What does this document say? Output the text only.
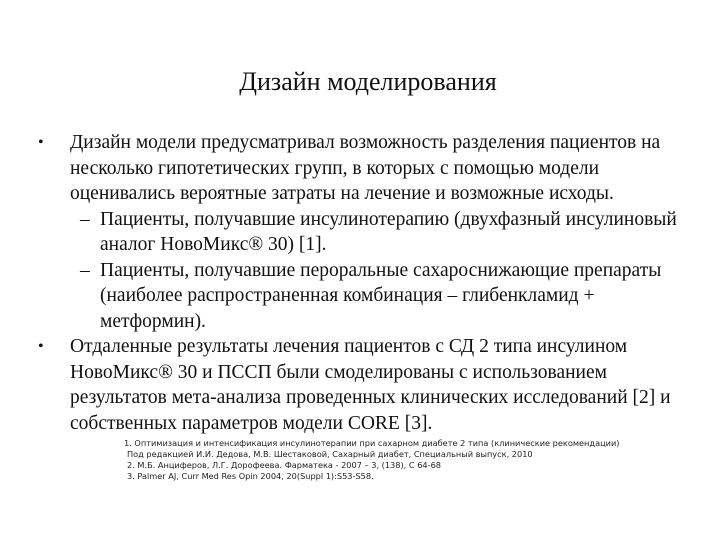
Дизайн моделирования
• Дизайн модели предусматривал возможность разделения пациентов на несколько гипотетических групп, в которых с помощью модели оценивались вероятные затраты на лечение и возможные исходы.
– Пациенты, получавшие инсулинотерапию (двухфазный инсулиновый аналог НовоМикс® 30) [1].
– Пациенты, получавшие пероральные сахароснижающие препараты (наиболее распространенная комбинация – глибенкламид + метформин).
• Отдаленные результаты лечения пациентов с СД 2 типа инсулином НовоМикс® 30 и ПССП были смоделированы с использованием результатов мета-анализа проведенных клинических исследований [2] и собственных параметров модели CORE [3].
1. Оптимизация и интенсификация инсулинотерапии при сахарном диабете 2 типа (клинические рекомендации)
Под редакцией И.И. Дедова, М.В. Шестаковой, Сахарный диабет, Специальный выпуск, 2010
2. М.Б. Анциферов, Л.Г. Дорофеева. Фарматека - 2007 – 3, (138), С 64-68
3. Palmer AJ, Curr Med Res Opin 2004, 20(Suppl 1):S53-S58.
